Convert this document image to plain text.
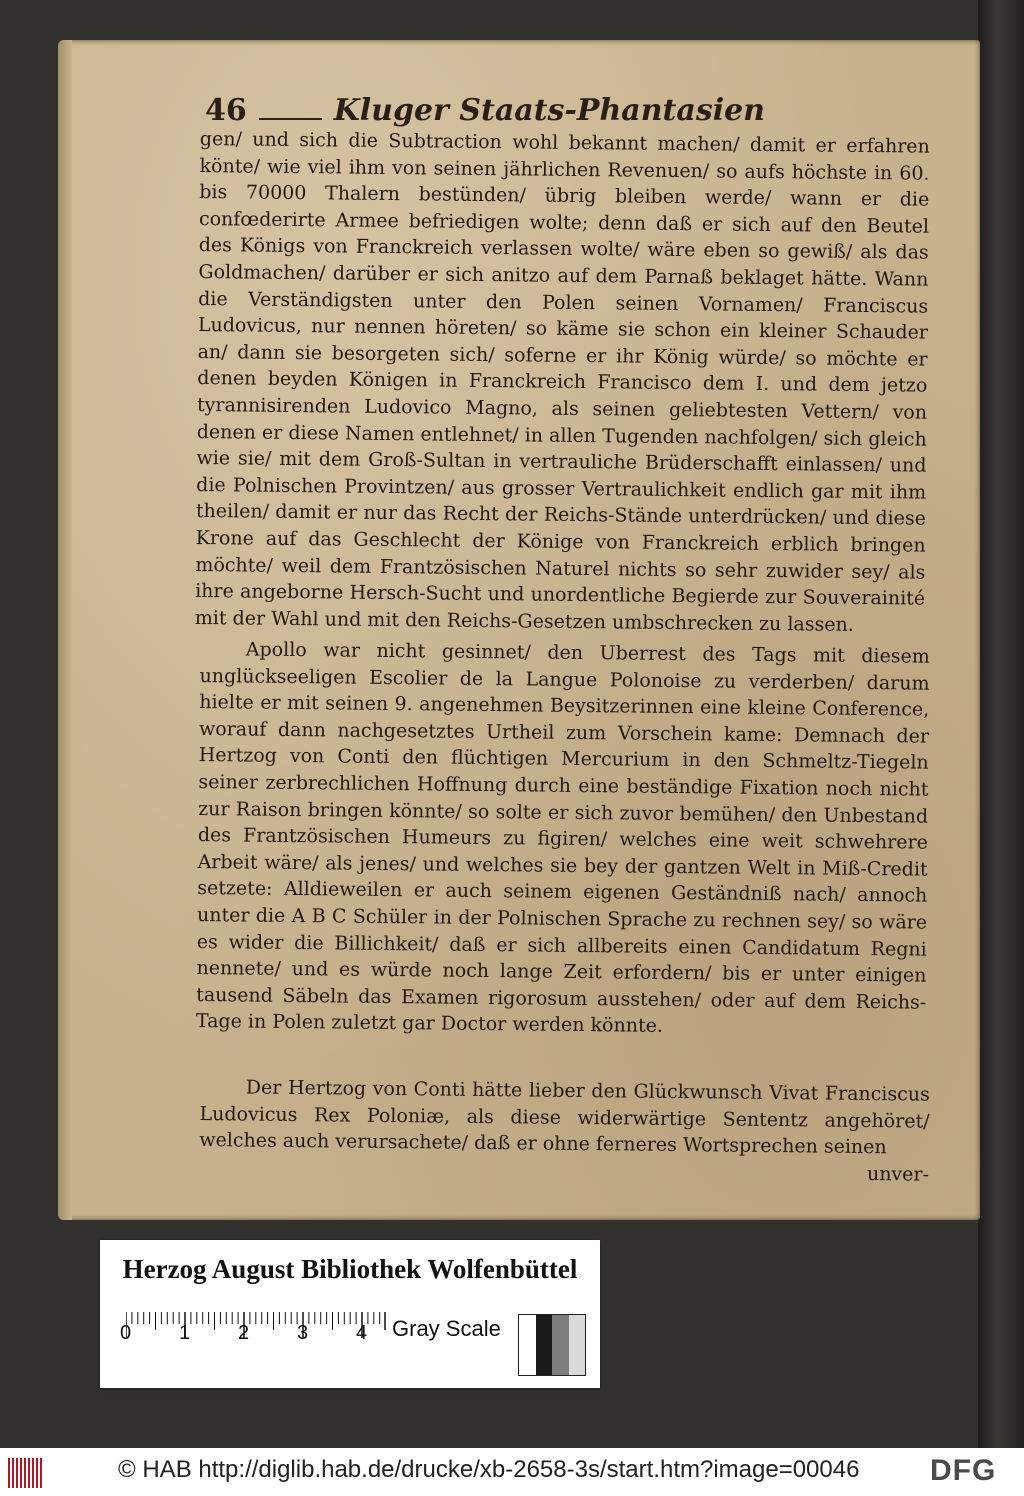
46	Kluger Staats-Phantasien

gen/ und sich die Subtraction wohl bekannt machen/ damit er erfahren könte/ wie viel ihm von seinen jährlichen Revenuen/ so aufs höchste in 60. bis 70000 Thalern bestünden/ übrig bleiben werde/ wann er die confœderirte Armee befriedigen wolte; denn daß er sich auf den Beutel des Königs von Franckreich verlassen wolte/ wäre eben so gewiß/ als das Goldmachen/ darüber er sich anitzo auf dem Parnaß beklaget hätte. Wann die Verständigsten unter den Polen seinen Vornamen/ Franciscus Ludovicus, nur nennen höreten/ so käme sie schon ein kleiner Schauder an/ dann sie besorgeten sich/ soferne er ihr König würde/ so möchte er denen beyden Königen in Franckreich Francisco dem I. und dem jetzo tyrannisirenden Ludovico Magno, als seinen geliebtesten Vettern/ von denen er diese Namen entlehnet/ in allen Tugenden nachfolgen/ sich gleich wie sie/ mit dem Groß-Sultan in vertrauliche Brüderschafft einlassen/ und die Polnischen Provintzen/ aus grosser Vertraulichkeit endlich gar mit ihm theilen/ damit er nur das Recht der Reichs-Stände unterdrücken/ und diese Krone auf das Geschlecht der Könige von Franckreich erblich bringen möchte/ weil dem Frantzösischen Naturel nichts so sehr zuwider sey/ als ihre angeborne Hersch-Sucht und unordentliche Begierde zur Souverainité mit der Wahl und mit den Reichs-Gesetzen umbschrecken zu lassen.

Apollo war nicht gesinnet/ den Uberrest des Tags mit diesem unglückseeligen Escolier de la Langue Polonoise zu verderben/ darum hielte er mit seinen 9. angenehmen Beysitzerinnen eine kleine Conference, worauf dann nachgesetztes Urtheil zum Vorschein kame: Demnach der Hertzog von Conti den flüchtigen Mercurium in den Schmeltz-Tiegeln seiner zerbrechlichen Hoffnung durch eine beständige Fixation noch nicht zur Raison bringen könnte/ so solte er sich zuvor bemühen/ den Unbestand des Frantzösischen Humeurs zu figiren/ welches eine weit schwehrere Arbeit wäre/ als jenes/ und welches sie bey der gantzen Welt in Miß-Credit setzete: Alldieweilen er auch seinem eigenen Geständniß nach/ annoch unter die A B C Schüler in der Polnischen Sprache zu rechnen sey/ so wäre es wider die Billichkeit/ daß er sich allbereits einen Candidatum Regni nennete/ und es würde noch lange Zeit erfordern/ bis er unter einigen tausend Säbeln das Examen rigorosum ausstehen/ oder auf dem Reichs-Tage in Polen zuletzt gar Doctor werden könnte.

Der Hertzog von Conti hätte lieber den Glückwunsch Vivat Franciscus Ludovicus Rex Poloniæ, als diese widerwärtige Sententz angehöret/ welches auch verursachete/ daß er ohne ferneres Wortsprechen seinen

unver-

Herzog August Bibliothek Wolfenbüttel
0 1 2 3 4 Gray Scale
© HAB http://diglib.hab.de/drucke/xb-2658-3s/start.htm?image=00046 DFG
